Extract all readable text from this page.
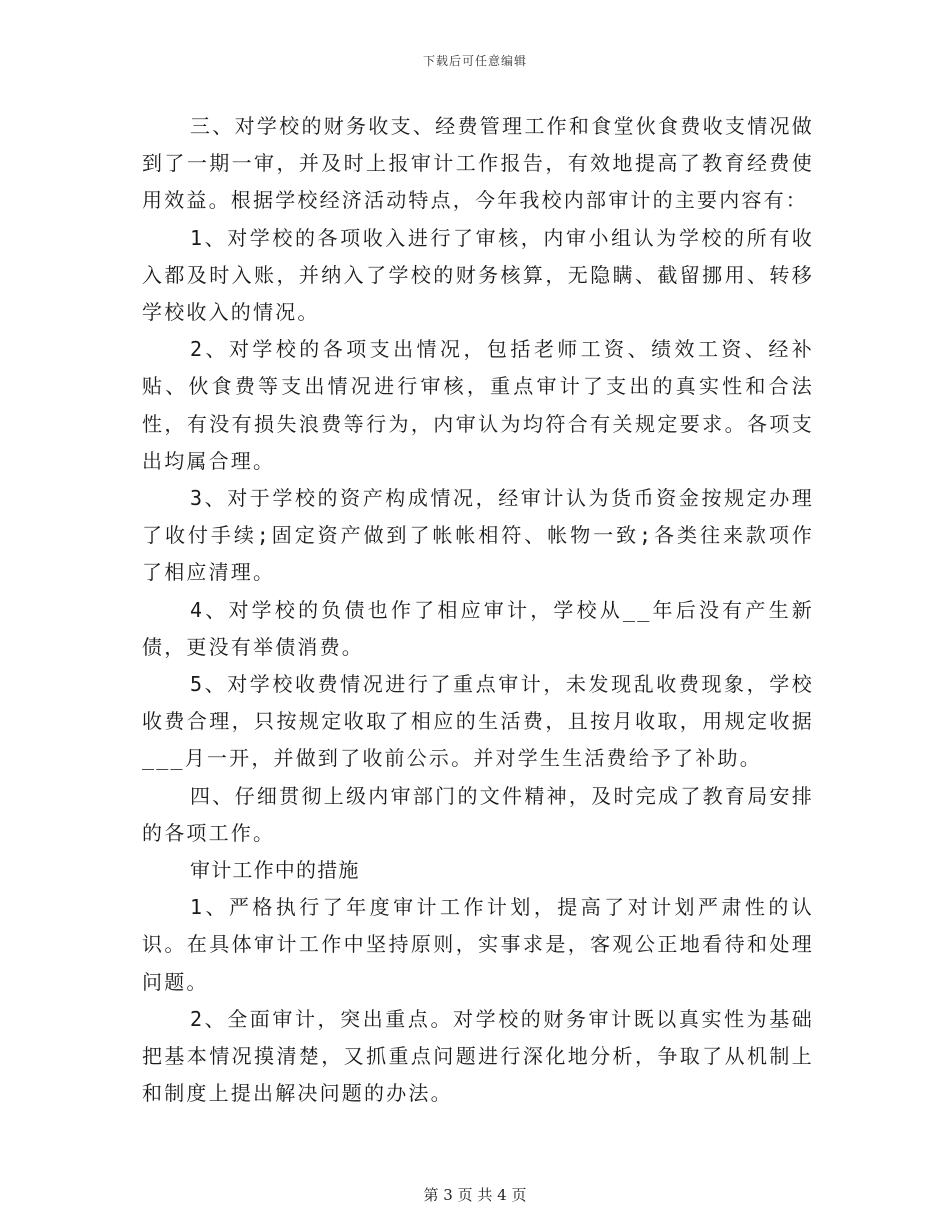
下载后可任意编辑

三、对学校的财务收支、经费管理工作和食堂伙食费收支情况做到了一期一审，并及时上报审计工作报告，有效地提高了教育经费使用效益。根据学校经济活动特点，今年我校内部审计的主要内容有：

1、对学校的各项收入进行了审核，内审小组认为学校的所有收入都及时入账，并纳入了学校的财务核算，无隐瞒、截留挪用、转移学校收入的情况。

2、对学校的各项支出情况，包括老师工资、绩效工资、经补贴、伙食费等支出情况进行审核，重点审计了支出的真实性和合法性，有没有损失浪费等行为，内审认为均符合有关规定要求。各项支出均属合理。

3、对于学校的资产构成情况，经审计认为货币资金按规定办理了收付手续;固定资产做到了帐帐相符、帐物一致;各类往来款项作了相应清理。

4、对学校的负债也作了相应审计，学校从__年后没有产生新债，更没有举债消费。

5、对学校收费情况进行了重点审计，未发现乱收费现象，学校收费合理，只按规定收取了相应的生活费，且按月收取，用规定收据___月一开，并做到了收前公示。并对学生生活费给予了补助。

四、仔细贯彻上级内审部门的文件精神，及时完成了教育局安排的各项工作。

审计工作中的措施

1、严格执行了年度审计工作计划，提高了对计划严肃性的认识。在具体审计工作中坚持原则，实事求是，客观公正地看待和处理问题。

2、全面审计，突出重点。对学校的财务审计既以真实性为基础把基本情况摸清楚，又抓重点问题进行深化地分析，争取了从机制上和制度上提出解决问题的办法。

第 3 页 共 4 页
